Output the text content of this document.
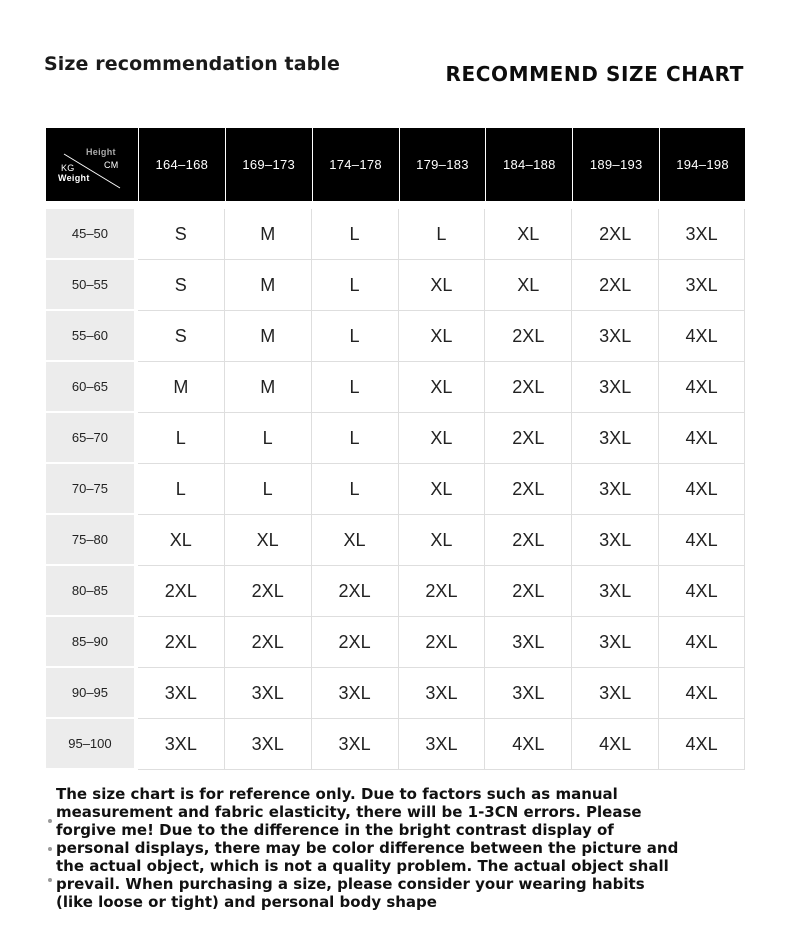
Size recommendation table	RECOMMEND SIZE CHART
Height
CM
KG
Weight
164–168	169–173	174–178	179–183	184–188	189–193	194–198
45–50	S	M	L	L	XL	2XL	3XL
50–55	S	M	L	XL	XL	2XL	3XL
55–60	S	M	L	XL	2XL	3XL	4XL
60–65	M	M	L	XL	2XL	3XL	4XL
65–70	L	L	L	XL	2XL	3XL	4XL
70–75	L	L	L	XL	2XL	3XL	4XL
75–80	XL	XL	XL	XL	2XL	3XL	4XL
80–85	2XL	2XL	2XL	2XL	2XL	3XL	4XL
85–90	2XL	2XL	2XL	2XL	3XL	3XL	4XL
90–95	3XL	3XL	3XL	3XL	3XL	3XL	4XL
95–100	3XL	3XL	3XL	3XL	4XL	4XL	4XL

The size chart is for reference only. Due to factors such as manual measurement and fabric elasticity, there will be 1-3CN errors. Please forgive me! Due to the difference in the bright contrast display of personal displays, there may be color difference between the picture and the actual object, which is not a quality problem. The actual object shall prevail. When purchasing a size, please consider your wearing habits (like loose or tight) and personal body shape
